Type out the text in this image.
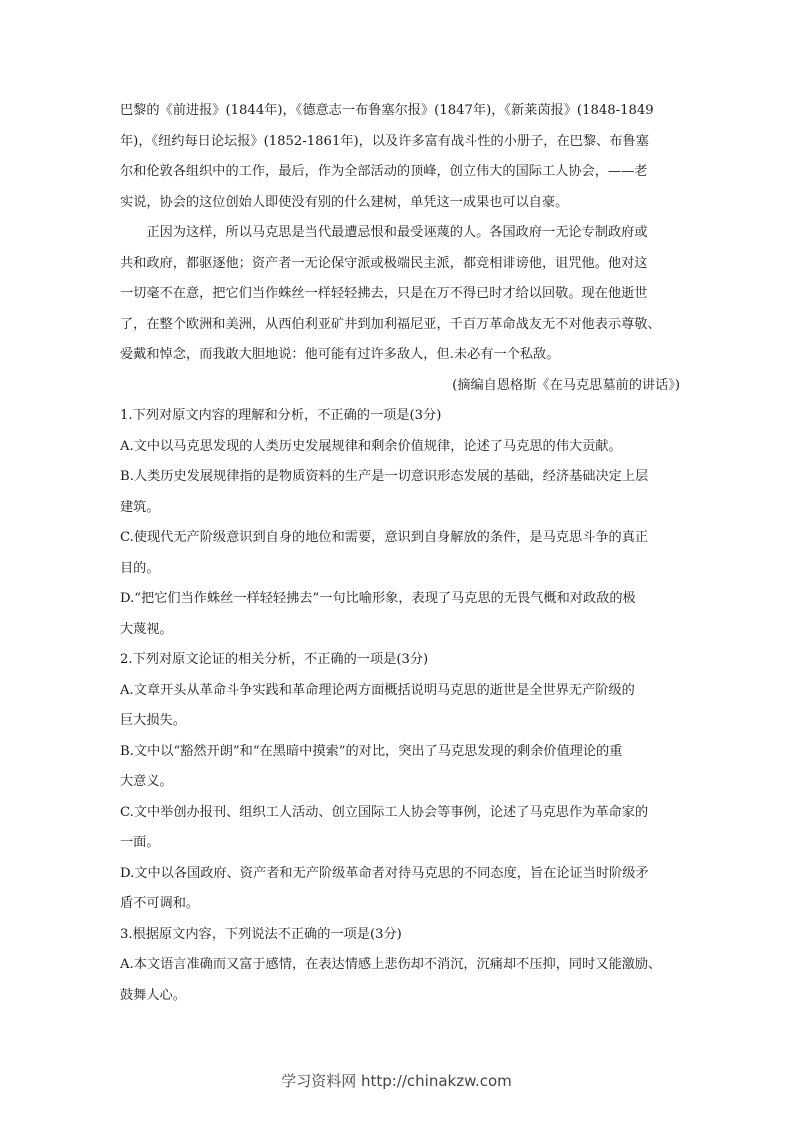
巴黎的《前进报》(1844年)，《德意志一布鲁塞尔报》(1847年)，《新莱茵报》(1848-1849
年)，《纽约每日论坛报》(1852-1861年)，以及许多富有战斗性的小册子，在巴黎、布鲁塞
尔和伦敦各组织中的工作，最后，作为全部活动的顶峰，创立伟大的国际工人协会，——老
实说，协会的这位创始人即使没有别的什么建树，单凭这一成果也可以自豪。
正因为这样，所以马克思是当代最遭忌恨和最受诬蔑的人。各国政府一无论专制政府或
共和政府，都驱逐他；资产者一无论保守派或极端民主派，都竞相诽谤他，诅咒他。他对这
一切毫不在意，把它们当作蛛丝一样轻轻拂去，只是在万不得已时才给以回敬。现在他逝世
了，在整个欧洲和美洲，从西伯利亚矿井到加利福尼亚，千百万革命战友无不对他表示尊敬、
爱戴和悼念，而我敢大胆地说：他可能有过许多敌人，但.未必有一个私敌。

(摘编自恩格斯《在马克思墓前的讲话》)

1.下列对原文内容的理解和分析，不正确的一项是(3分)

A.文中以马克思发现的人类历史发展规律和剩余价值规律，论述了马克思的伟大贡献。
B.人类历史发展规律指的是物质资料的生产是一切意识形态发展的基础，经济基础决定上层
建筑。
C.使现代无产阶级意识到自身的地位和需要，意识到自身解放的条件，是马克思斗争的真正
目的。
D.“把它们当作蛛丝一样轻轻拂去”一句比喻形象，表现了马克思的无畏气概和对政敌的极
大蔑视。

2.下列对原文论证的相关分析，不正确的一项是(3分)

A.文章开头从革命斗争实践和革命理论两方面概括说明马克思的逝世是全世界无产阶级的
巨大损失。
B.文中以“豁然开朗”和“在黑暗中摸索”的对比，突出了马克思发现的剩余价值理论的重
大意义。
C.文中举创办报刊、组织工人活动、创立国际工人协会等事例，论述了马克思作为革命家的
一面。
D.文中以各国政府、资产者和无产阶级革命者对待马克思的不同态度，旨在论证当时阶级矛
盾不可调和。

3.根据原文内容，下列说法不正确的一项是(3分)

A.本文语言准确而又富于感情，在表达情感上悲伤却不消沉，沉痛却不压抑，同时又能激励、
鼓舞人心。
学习资料网 http://chinakzw.com
